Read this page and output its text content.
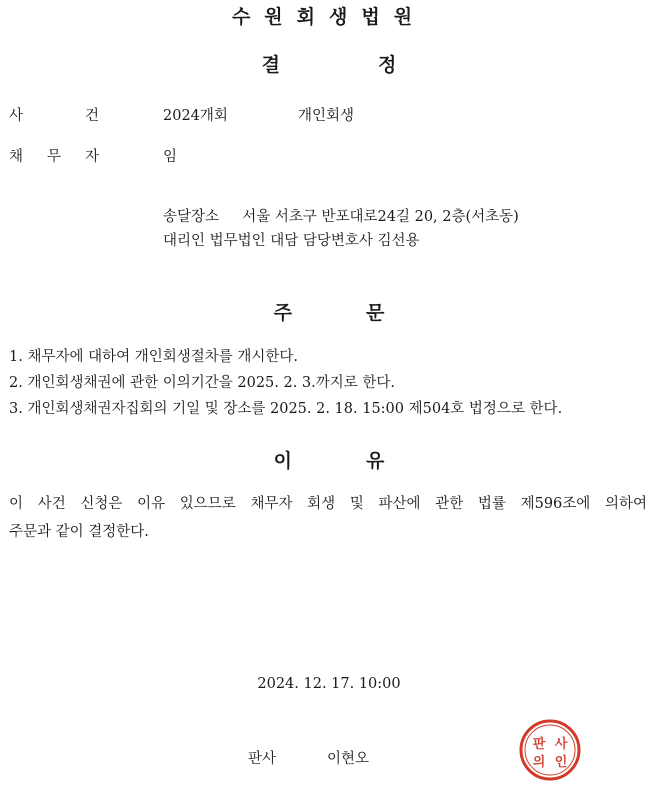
수원회생법원
결정
사	건	2024개회	개인회생
채 무 자	임
송달장소 서울 서초구 반포대로24길 20, 2층(서초동)
대리인 법무법인 대담 담당변호사 김선용
주문
1. 채무자에 대하여 개인회생절차를 개시한다.
2. 개인회생채권에 관한 이의기간을 2025. 2. 3.까지로 한다.
3. 개인회생채권자집회의 기일 및 장소를 2025. 2. 18. 15:00 제504호 법정으로 한다.
이유
이 사건 신청은 이유 있으므로 채무자 회생 및 파산에 관한 법률 제596조에 의하여
주문과 같이 결정한다.
2024. 12. 17. 10:00
판사	이현오
판 사
의 인
